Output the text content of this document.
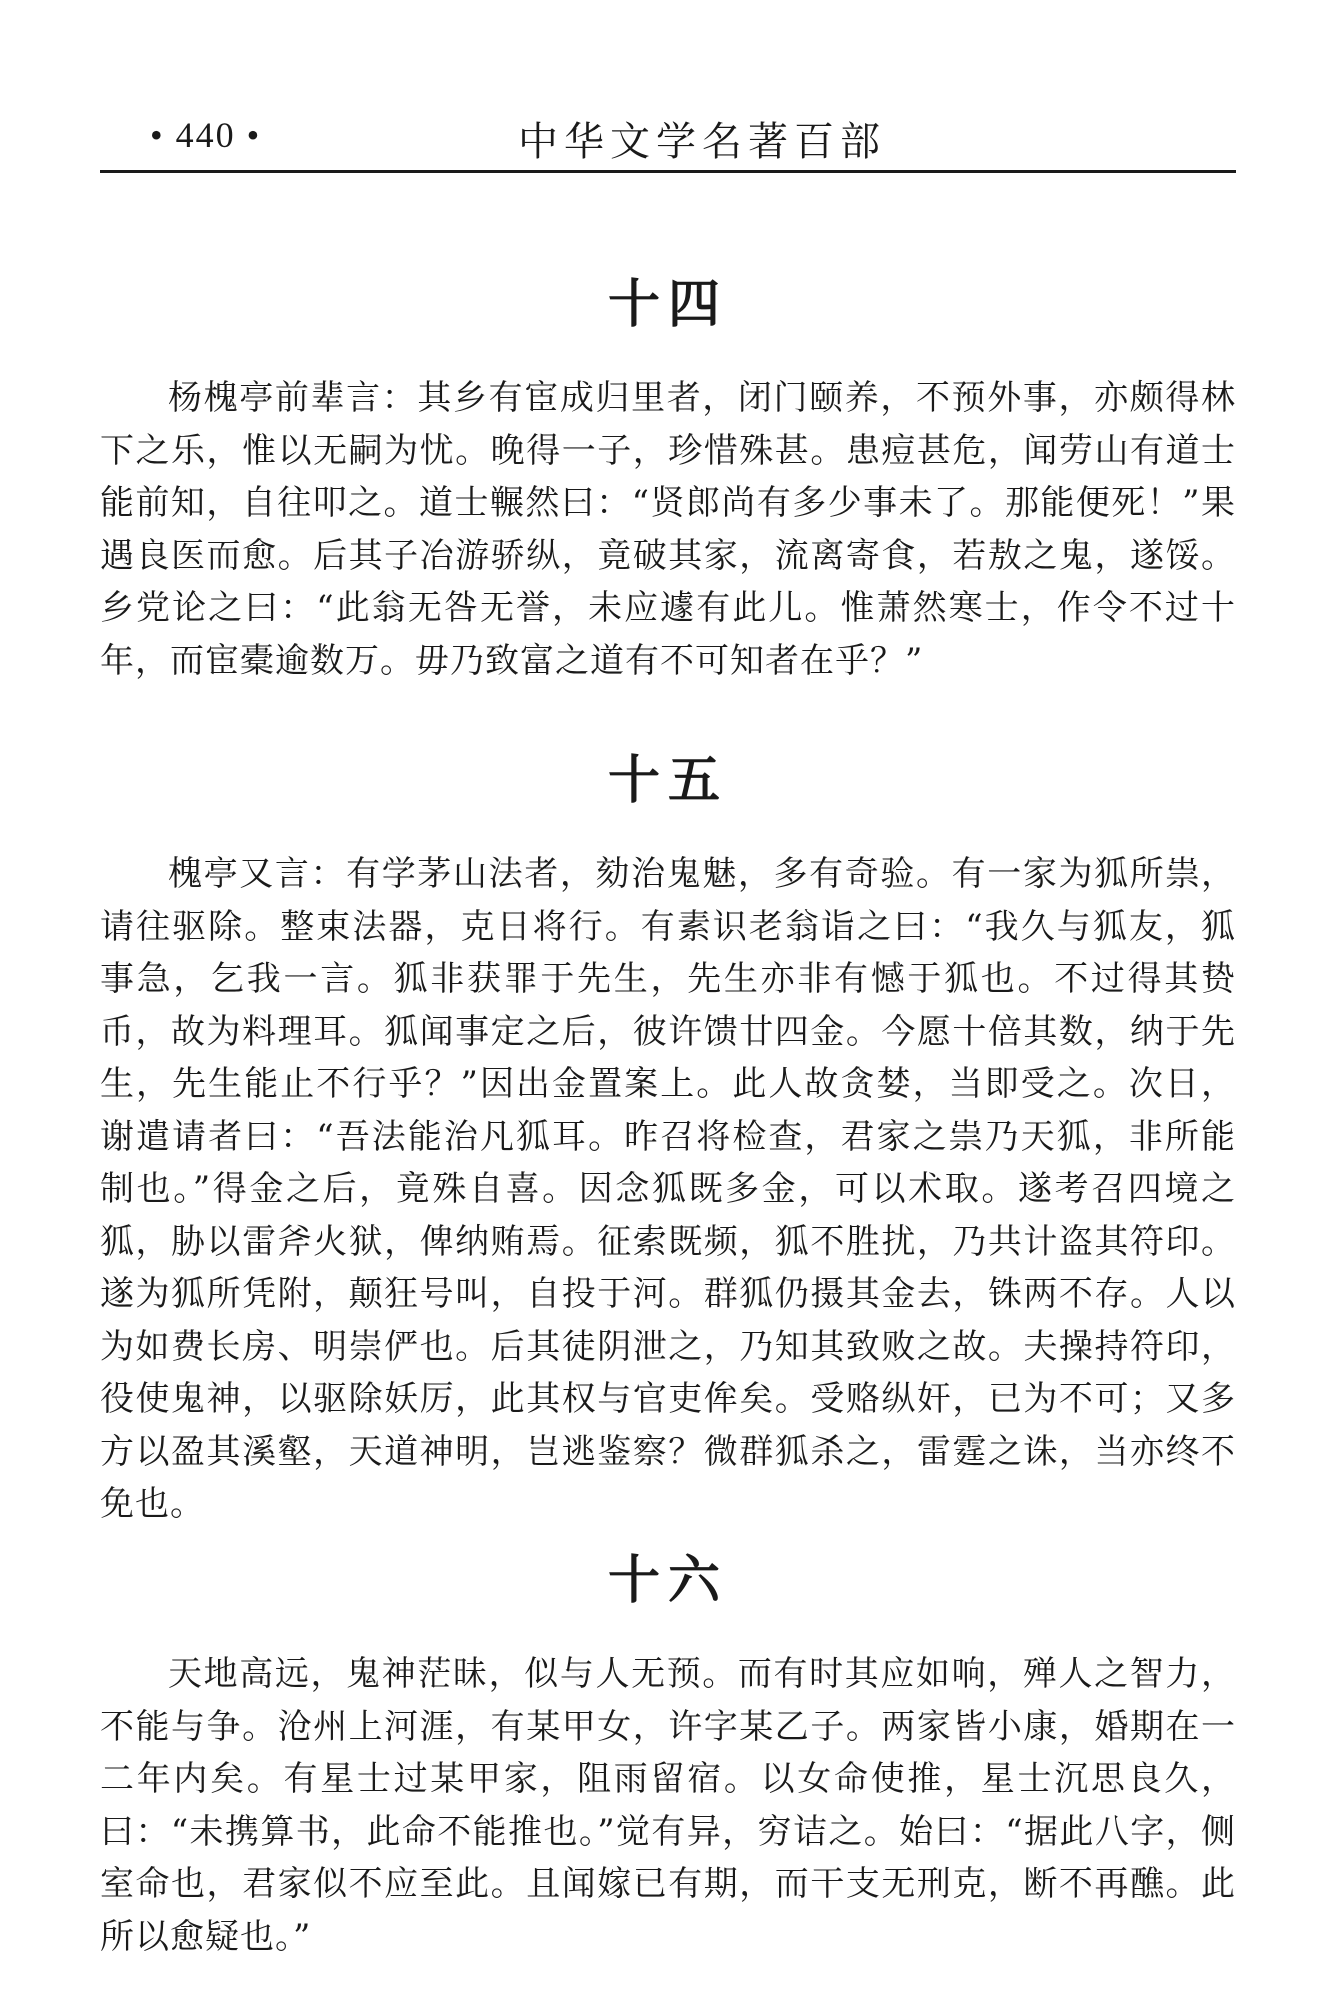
• 440 •	中华文学名著百部
十四

杨槐亭前辈言：其乡有宦成归里者，闭门颐养，不预外事，亦颇得林下之乐，惟以无嗣为忧。晚得一子，珍惜殊甚。患痘甚危，闻劳山有道士能前知，自往叩之。道士冁然曰：“贤郎尚有多少事未了。那能便死！”果遇良医而愈。后其子冶游骄纵，竟破其家，流离寄食，若敖之鬼，遂馁。乡党论之曰：“此翁无咎无誉，未应遽有此儿。惟萧然寒士，作令不过十年，而宦橐逾数万。毋乃致富之道有不可知者在乎？”

十五

槐亭又言：有学茅山法者，劾治鬼魅，多有奇验。有一家为狐所祟，请往驱除。整束法器，克日将行。有素识老翁诣之曰：“我久与狐友，狐事急，乞我一言。狐非获罪于先生，先生亦非有憾于狐也。不过得其贽币，故为料理耳。狐闻事定之后，彼许馈廿四金。今愿十倍其数，纳于先生，先生能止不行乎？”因出金置案上。此人故贪婪，当即受之。次日，谢遣请者曰：“吾法能治凡狐耳。昨召将检查，君家之祟乃天狐，非所能制也。”得金之后，竟殊自喜。因念狐既多金，可以术取。遂考召四境之狐，胁以雷斧火狱，俾纳贿焉。征索既频，狐不胜扰，乃共计盗其符印。遂为狐所凭附，颠狂号叫，自投于河。群狐仍摄其金去，铢两不存。人以为如费长房、明崇俨也。后其徒阴泄之，乃知其致败之故。夫操持符印，役使鬼神，以驱除妖厉，此其权与官吏侔矣。受赂纵奸，已为不可；又多方以盈其溪壑，天道神明，岂逃鉴察？微群狐杀之，雷霆之诛，当亦终不免也。

十六

天地高远，鬼神茫昧，似与人无预。而有时其应如响，殚人之智力，不能与争。沧州上河涯，有某甲女，许字某乙子。两家皆小康，婚期在一二年内矣。有星士过某甲家，阻雨留宿。以女命使推，星士沉思良久，曰：“未携算书，此命不能推也。”觉有异，穷诘之。始曰：“据此八字，侧室命也，君家似不应至此。且闻嫁已有期，而干支无刑克，断不再醮。此所以愈疑也。”
